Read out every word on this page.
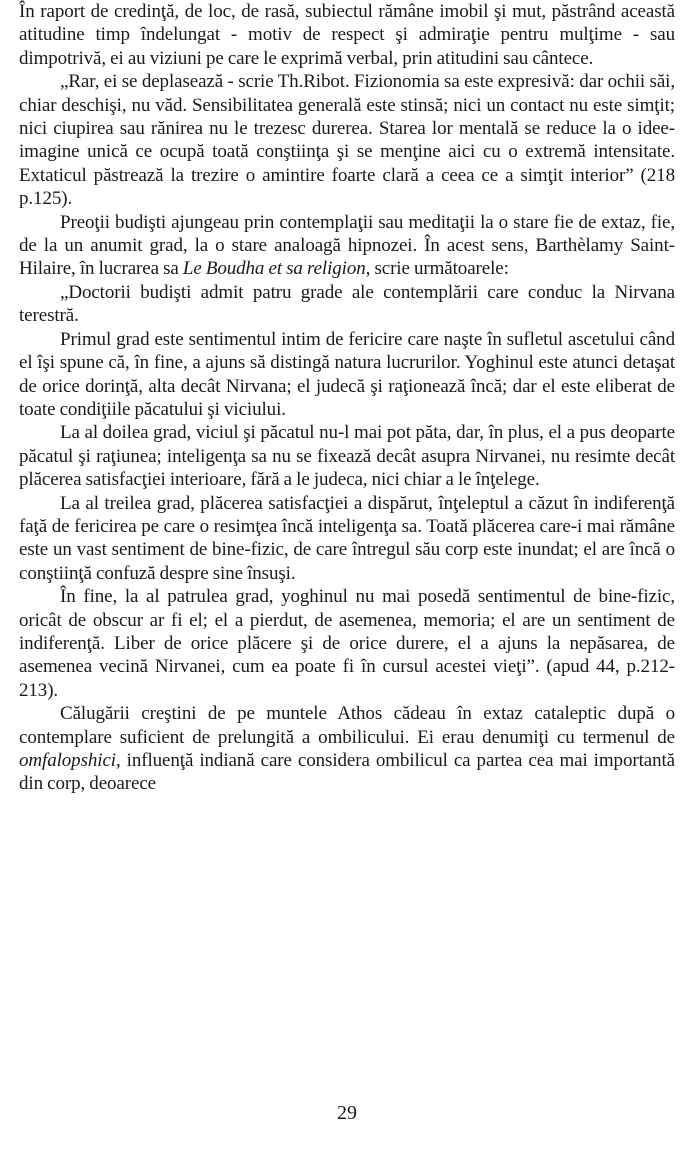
În raport de credinţă, de loc, de rasă, subiectul rămâne imobil şi mut, păstrând această atitudine timp îndelungat - motiv de respect şi admiraţie pentru mulţime - sau dimpotrivă, ei au viziuni pe care le exprimă verbal, prin atitudini sau cântece.

„Rar, ei se deplasează - scrie Th.Ribot. Fizionomia sa este expresivă: dar ochii săi, chiar deschişi, nu văd. Sensibilitatea generală este stinsă; nici un contact nu este simţit; nici ciupirea sau rănirea nu le trezesc durerea. Starea lor mentală se reduce la o idee-imagine unică ce ocupă toată conştiinţa şi se menţine aici cu o extremă intensitate. Extaticul păstrează la trezire o amintire foarte clară a ceea ce a simţit interior” (218 p.125).

Preoţii budişti ajungeau prin contemplaţii sau meditaţii la o stare fie de extaz, fie, de la un anumit grad, la o stare analoagă hipnozei. În acest sens, Barthèlamy Saint-Hilaire, în lucrarea sa Le Boudha et sa religion, scrie următoarele:

„Doctorii budişti admit patru grade ale contemplării care conduc la Nirvana terestră.

Primul grad este sentimentul intim de fericire care naşte în sufletul ascetului când el îşi spune că, în fine, a ajuns să distingă natura lucrurilor. Yoghinul este atunci detaşat de orice dorinţă, alta decât Nirvana; el judecă şi raţionează încă; dar el este eliberat de toate condiţiile păcatului şi viciului.

La al doilea grad, viciul şi păcatul nu-l mai pot păta, dar, în plus, el a pus deoparte păcatul şi raţiunea; inteligenţa sa nu se fixează decât asupra Nirvanei, nu resimte decât plăcerea satisfacţiei interioare, fără a le judeca, nici chiar a le înţelege.

La al treilea grad, plăcerea satisfacţiei a dispărut, înţeleptul a căzut în indiferenţă faţă de fericirea pe care o resimţea încă inteligenţa sa. Toată plăcerea care-i mai rămâne este un vast sentiment de bine-fizic, de care întregul său corp este inundat; el are încă o conştiinţă confuză despre sine însuşi.

În fine, la al patrulea grad, yoghinul nu mai posedă sentimentul de bine-fizic, oricât de obscur ar fi el; el a pierdut, de asemenea, memoria; el are un sentiment de indiferenţă. Liber de orice plăcere şi de orice durere, el a ajuns la nepăsarea, de asemenea vecină Nirvanei, cum ea poate fi în cursul acestei vieţi”. (apud 44, p.212-213).

Călugării creştini de pe muntele Athos cădeau în extaz cataleptic după o contemplare suficient de prelungită a ombilicului. Ei erau denumiţi cu termenul de omfalopshici, influenţă indiană care considera ombilicul ca partea cea mai importantă din corp, deoarece

29
